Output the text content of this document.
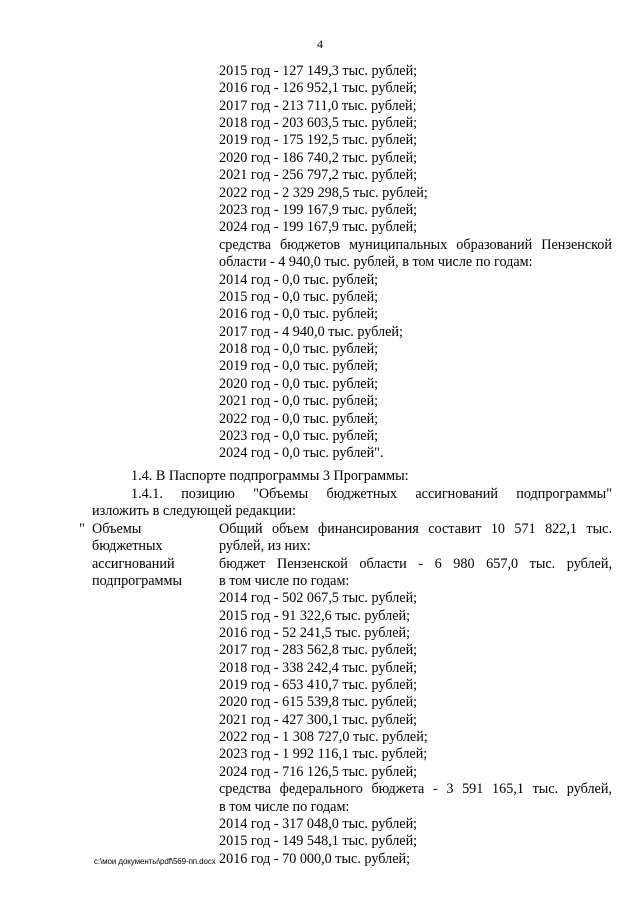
4
2015 год - 127 149,3 тыс. рублей;
2016 год - 126 952,1 тыс. рублей;
2017 год - 213 711,0 тыс. рублей;
2018 год - 203 603,5 тыс. рублей;
2019 год - 175 192,5 тыс. рублей;
2020 год - 186 740,2 тыс. рублей;
2021 год - 256 797,2 тыс. рублей;
2022 год - 2 329 298,5 тыс. рублей;
2023 год - 199 167,9 тыс. рублей;
2024 год - 199 167,9 тыс. рублей;
средства бюджетов муниципальных образований Пензенской
области - 4 940,0 тыс. рублей, в том числе по годам:
2014 год - 0,0 тыс. рублей;
2015 год - 0,0 тыс. рублей;
2016 год - 0,0 тыс. рублей;
2017 год - 4 940,0 тыс. рублей;
2018 год - 0,0 тыс. рублей;
2019 год - 0,0 тыс. рублей;
2020 год - 0,0 тыс. рублей;
2021 год - 0,0 тыс. рублей;
2022 год - 0,0 тыс. рублей;
2023 год - 0,0 тыс. рублей;
2024 год - 0,0 тыс. рублей".
1.4. В Паспорте подпрограммы 3 Программы:
1.4.1. позицию "Объемы бюджетных ассигнований подпрограммы"
изложить в следующей редакции:
" Объемы
бюджетных
ассигнований
подпрограммы
Общий объем финансирования составит 10 571 822,1 тыс.
рублей, из них:
бюджет Пензенской области - 6 980 657,0 тыс. рублей,
в том числе по годам:
2014 год - 502 067,5 тыс. рублей;
2015 год - 91 322,6 тыс. рублей;
2016 год - 52 241,5 тыс. рублей;
2017 год - 283 562,8 тыс. рублей;
2018 год - 338 242,4 тыс. рублей;
2019 год - 653 410,7 тыс. рублей;
2020 год - 615 539,8 тыс. рублей;
2021 год - 427 300,1 тыс. рублей;
2022 год - 1 308 727,0 тыс. рублей;
2023 год - 1 992 116,1 тыс. рублей;
2024 год - 716 126,5 тыс. рублей;
средства федерального бюджета - 3 591 165,1 тыс. рублей,
в том числе по годам:
2014 год - 317 048,0 тыс. рублей;
2015 год - 149 548,1 тыс. рублей;
2016 год - 70 000,0 тыс. рублей;
c:\мои документы\pdf\569-пп.docx
